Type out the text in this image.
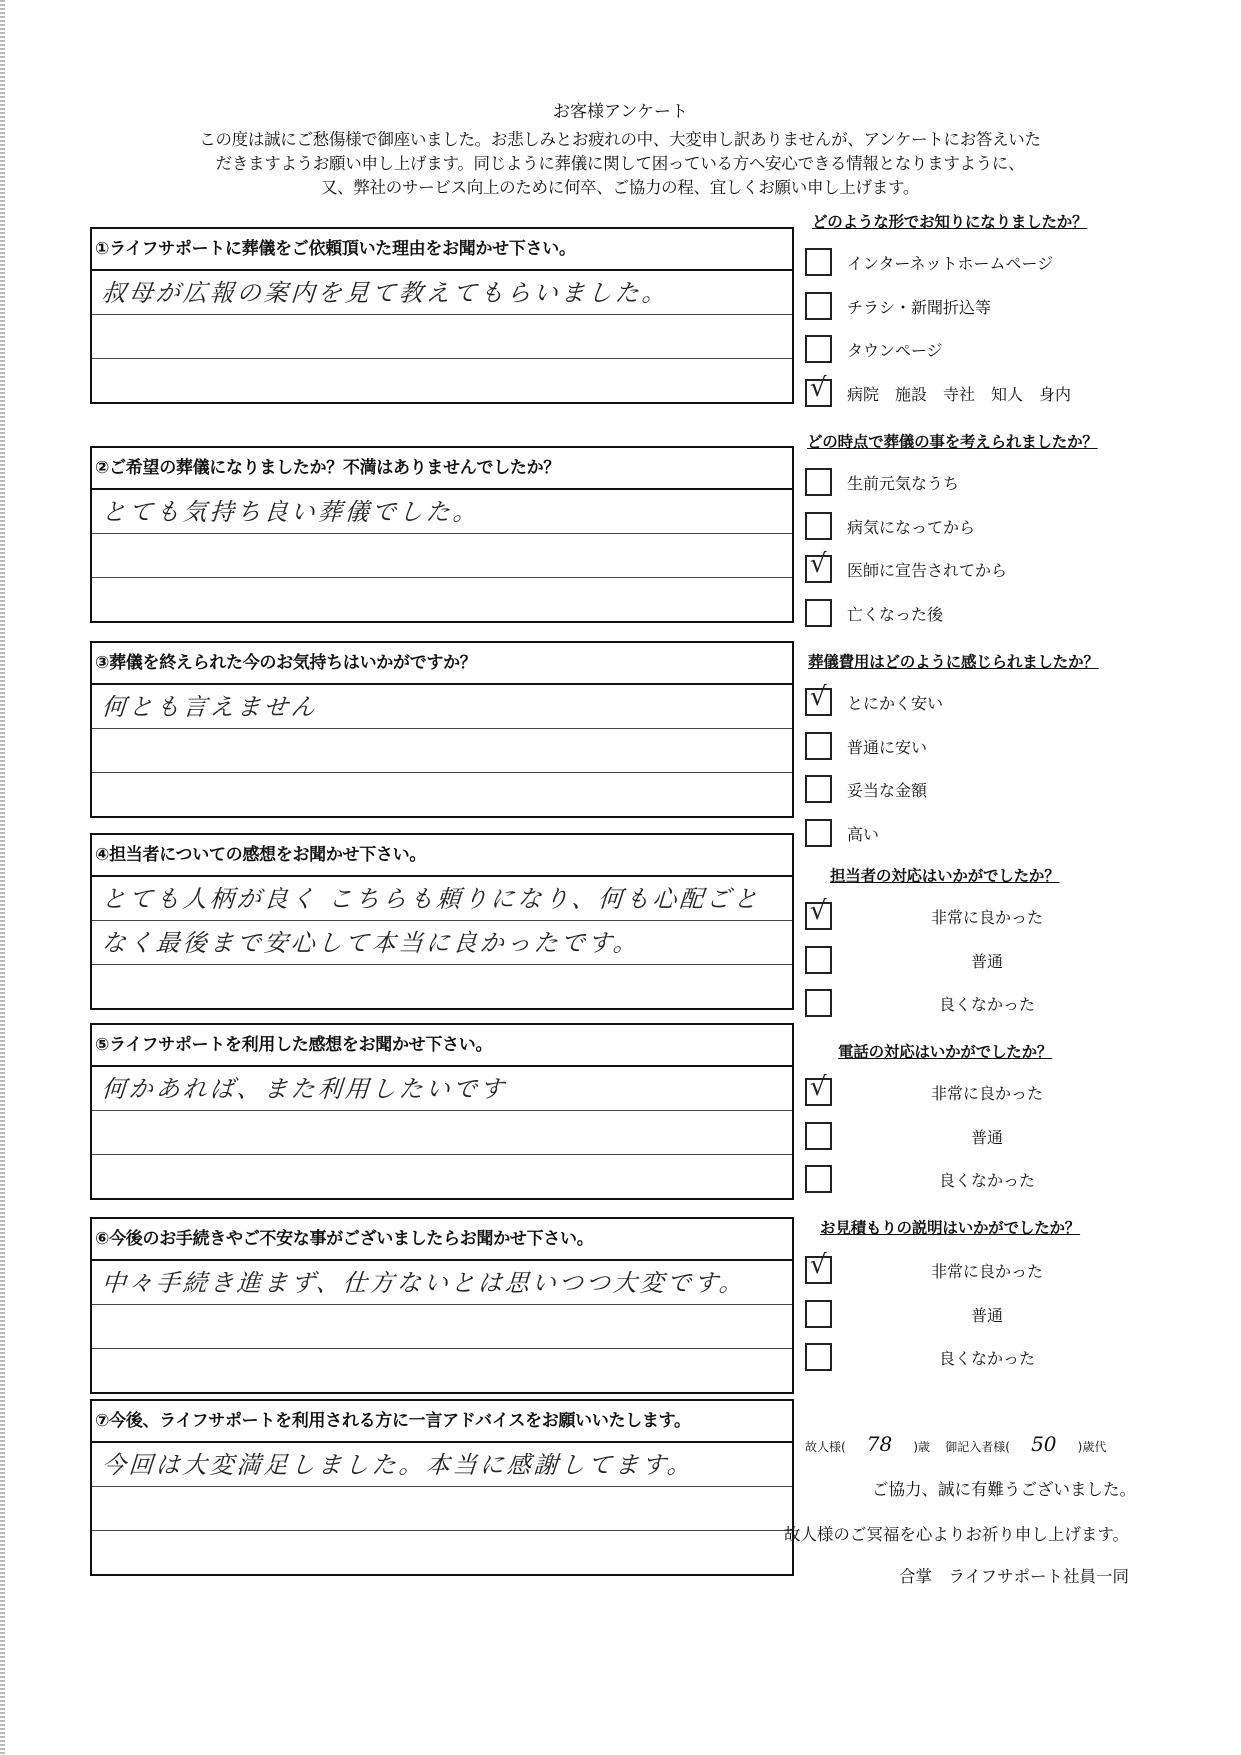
お客様アンケート
この度は誠にご愁傷様で御座いました。お悲しみとお疲れの中、大変申し訳ありませんが、アンケートにお答えいた
だきますようお願い申し上げます。同じように葬儀に関して困っている方へ安心できる情報となりますように、
又、弊社のサービス向上のために何卒、ご協力の程、宜しくお願い申し上げます。
①ライフサポートに葬儀をご依頼頂いた理由をお聞かせ下さい。
叔母が広報の案内を見て教えてもらいました。
②ご希望の葬儀になりましたか？不満はありませんでしたか？
とても気持ち良い葬儀でした。
③葬儀を終えられた今のお気持ちはいかがですか？
何とも言えません
④担当者についての感想をお聞かせ下さい。
とても人柄が良く こちらも頼りになり、何も心配ごと
なく最後まで安心して本当に良かったです。
⑤ライフサポートを利用した感想をお聞かせ下さい。
何かあれば、また利用したいです
⑥今後のお手続きやご不安な事がございましたらお聞かせ下さい。
中々手続き進まず、仕方ないとは思いつつ大変です。
⑦今後、ライフサポートを利用される方に一言アドバイスをお願いいたします。
今回は大変満足しました。本当に感謝してます。
どのような形でお知りになりましたか？
インターネットホームページ
チラシ・新聞折込等
タウンページ
√ 病院　施設　寺社　知人　身内
どの時点で葬儀の事を考えられましたか？
生前元気なうち
病気になってから
√ 医師に宣告されてから
亡くなった後
葬儀費用はどのように感じられましたか？
√ とにかく安い
普通に安い
妥当な金額
高い
担当者の対応はいかがでしたか？
√	非常に良かった
普通
良くなかった
電話の対応はいかがでしたか？
√	非常に良かった
普通
良くなかった
お見積もりの説明はいかがでしたか？
√	非常に良かった
普通
良くなかった
故人様( 78 )歳 御記入者様( 50 )歳代
ご協力、誠に有難うございました。
故人様のご冥福を心よりお祈り申し上げます。
合掌　ライフサポート社員一同
